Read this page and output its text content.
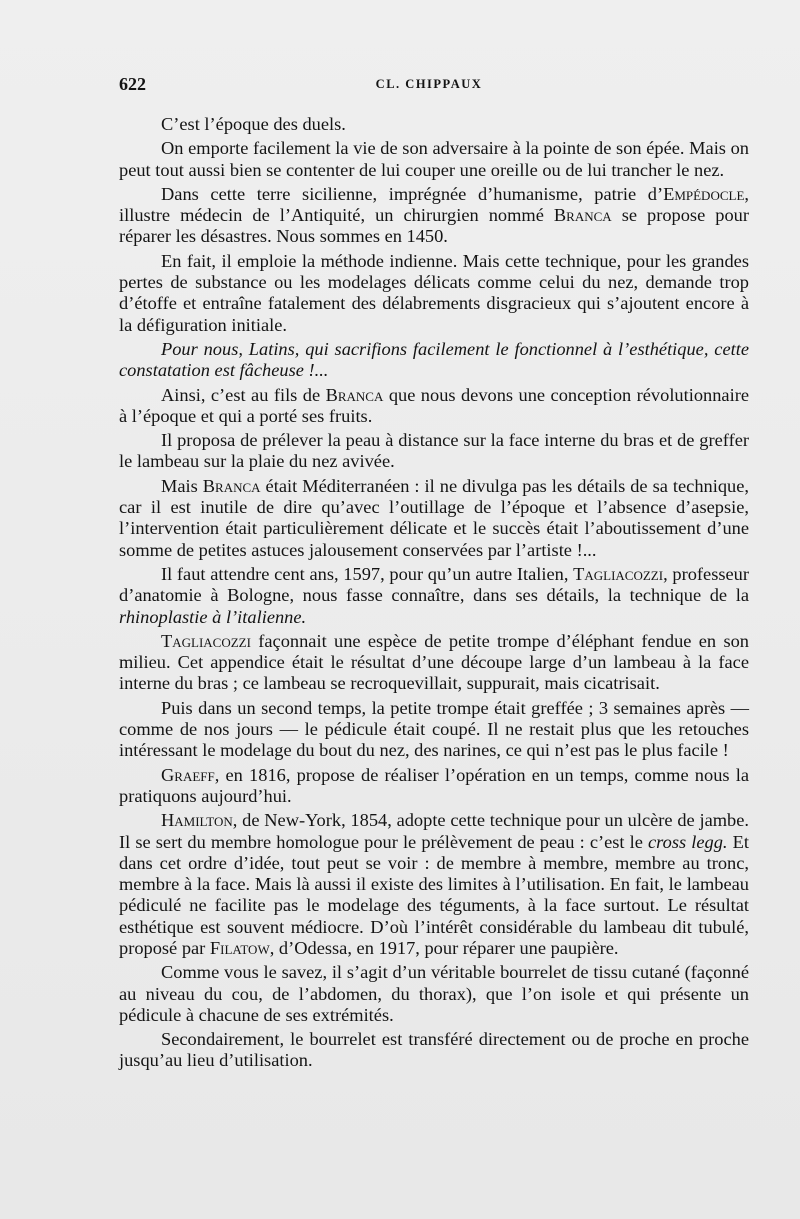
622	CL. CHIPPAUX

C’est l’époque des duels.

On emporte facilement la vie de son adversaire à la pointe de son épée. Mais on peut tout aussi bien se contenter de lui couper une oreille ou de lui trancher le nez.

Dans cette terre sicilienne, imprégnée d’humanisme, patrie d’Empédocle, illustre médecin de l’Antiquité, un chirurgien nommé Branca se propose pour réparer les désastres. Nous sommes en 1450.

En fait, il emploie la méthode indienne. Mais cette technique, pour les grandes pertes de substance ou les modelages délicats comme celui du nez, demande trop d’étoffe et entraîne fatalement des délabrements disgracieux qui s’ajoutent encore à la défiguration initiale.

Pour nous, Latins, qui sacrifions facilement le fonctionnel à l’esthétique, cette constatation est fâcheuse !...

Ainsi, c’est au fils de Branca que nous devons une conception révolutionnaire à l’époque et qui a porté ses fruits.

Il proposa de prélever la peau à distance sur la face interne du bras et de greffer le lambeau sur la plaie du nez avivée.

Mais Branca était Méditerranéen : il ne divulga pas les détails de sa technique, car il est inutile de dire qu’avec l’outillage de l’époque et l’absence d’asepsie, l’intervention était particulièrement délicate et le succès était l’aboutissement d’une somme de petites astuces jalousement conservées par l’artiste !...

Il faut attendre cent ans, 1597, pour qu’un autre Italien, Tagliacozzi, professeur d’anatomie à Bologne, nous fasse connaître, dans ses détails, la technique de la rhinoplastie à l’italienne.

Tagliacozzi façonnait une espèce de petite trompe d’éléphant fendue en son milieu. Cet appendice était le résultat d’une découpe large d’un lambeau à la face interne du bras ; ce lambeau se recroquevillait, suppurait, mais cicatrisait.

Puis dans un second temps, la petite trompe était greffée ; 3 semaines après — comme de nos jours — le pédicule était coupé. Il ne restait plus que les retouches intéressant le modelage du bout du nez, des narines, ce qui n’est pas le plus facile !

Graeff, en 1816, propose de réaliser l’opération en un temps, comme nous la pratiquons aujourd’hui.

Hamilton, de New-York, 1854, adopte cette technique pour un ulcère de jambe. Il se sert du membre homologue pour le prélèvement de peau : c’est le cross legg. Et dans cet ordre d’idée, tout peut se voir : de membre à membre, membre au tronc, membre à la face. Mais là aussi il existe des limites à l’utilisation. En fait, le lambeau pédiculé ne facilite pas le modelage des téguments, à la face surtout. Le résultat esthétique est souvent médiocre. D’où l’intérêt considérable du lambeau dit tubulé, proposé par Filatow, d’Odessa, en 1917, pour réparer une paupière.

Comme vous le savez, il s’agit d’un véritable bourrelet de tissu cutané (façonné au niveau du cou, de l’abdomen, du thorax), que l’on isole et qui présente un pédicule à chacune de ses extrémités.

Secondairement, le bourrelet est transféré directement ou de proche en proche jusqu’au lieu d’utilisation.
